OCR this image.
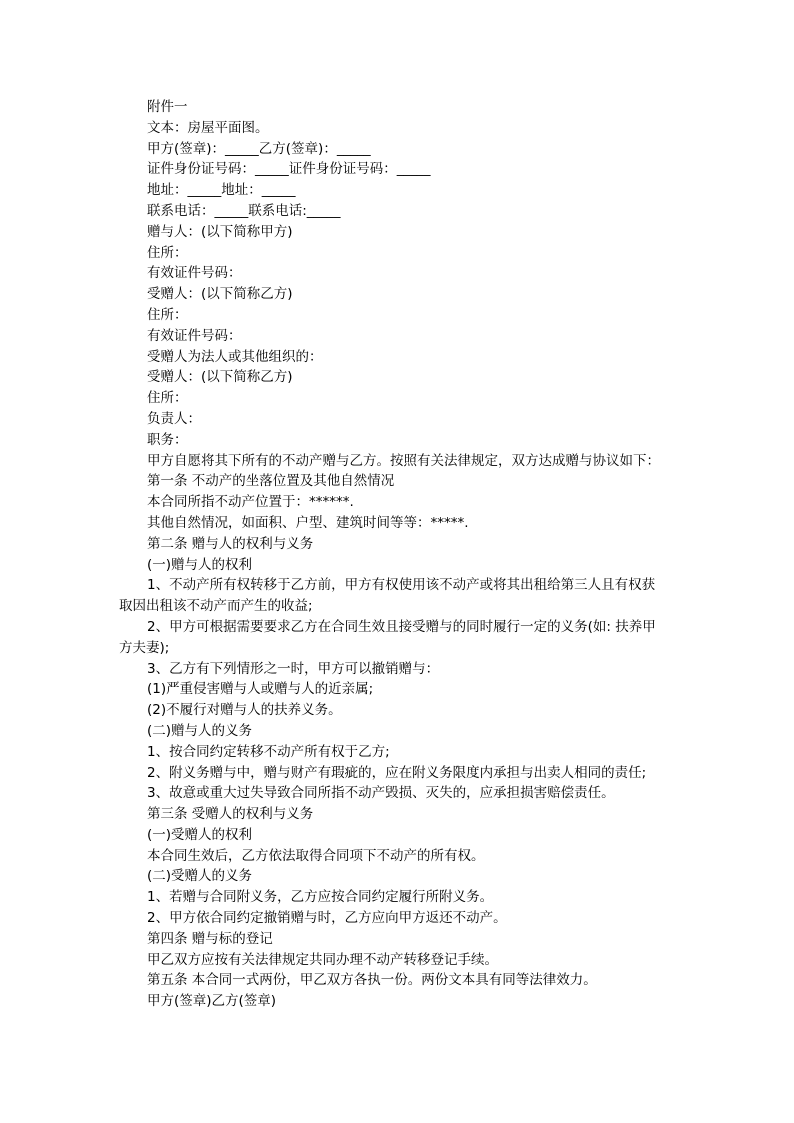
附件一
文本：房屋平面图。
甲方(签章)：_____乙方(签章)：_____
证件身份证号码：_____证件身份证号码：_____
地址：_____地址：_____
联系电话：_____联系电话:_____
赠与人：(以下简称甲方)
住所：
有效证件号码：
受赠人：(以下简称乙方)
住所：
有效证件号码：
受赠人为法人或其他组织的：
受赠人：(以下简称乙方)
住所：
负责人：
职务：
甲方自愿将其下所有的不动产赠与乙方。按照有关法律规定，双方达成赠与协议如下：
第一条 不动产的坐落位置及其他自然情况
本合同所指不动产位置于：******.
其他自然情况，如面积、户型、建筑时间等等：*****.
第二条 赠与人的权利与义务
(一)赠与人的权利
1、不动产所有权转移于乙方前，甲方有权使用该不动产或将其出租给第三人且有权获
取因出租该不动产而产生的收益;
2、甲方可根据需要要求乙方在合同生效且接受赠与的同时履行一定的义务(如: 扶养甲
方夫妻);
3、乙方有下列情形之一时，甲方可以撤销赠与：
(1)严重侵害赠与人或赠与人的近亲属;
(2)不履行对赠与人的扶养义务。
(二)赠与人的义务
1、按合同约定转移不动产所有权于乙方;
2、附义务赠与中，赠与财产有瑕疵的，应在附义务限度内承担与出卖人相同的责任;
3、故意或重大过失导致合同所指不动产毁损、灭失的，应承担损害赔偿责任。
第三条 受赠人的权利与义务
(一)受赠人的权利
本合同生效后，乙方依法取得合同项下不动产的所有权。
(二)受赠人的义务
1、若赠与合同附义务，乙方应按合同约定履行所附义务。
2、甲方依合同约定撤销赠与时，乙方应向甲方返还不动产。
第四条 赠与标的登记
甲乙双方应按有关法律规定共同办理不动产转移登记手续。
第五条 本合同一式两份，甲乙双方各执一份。两份文本具有同等法律效力。
甲方(签章)乙方(签章)
